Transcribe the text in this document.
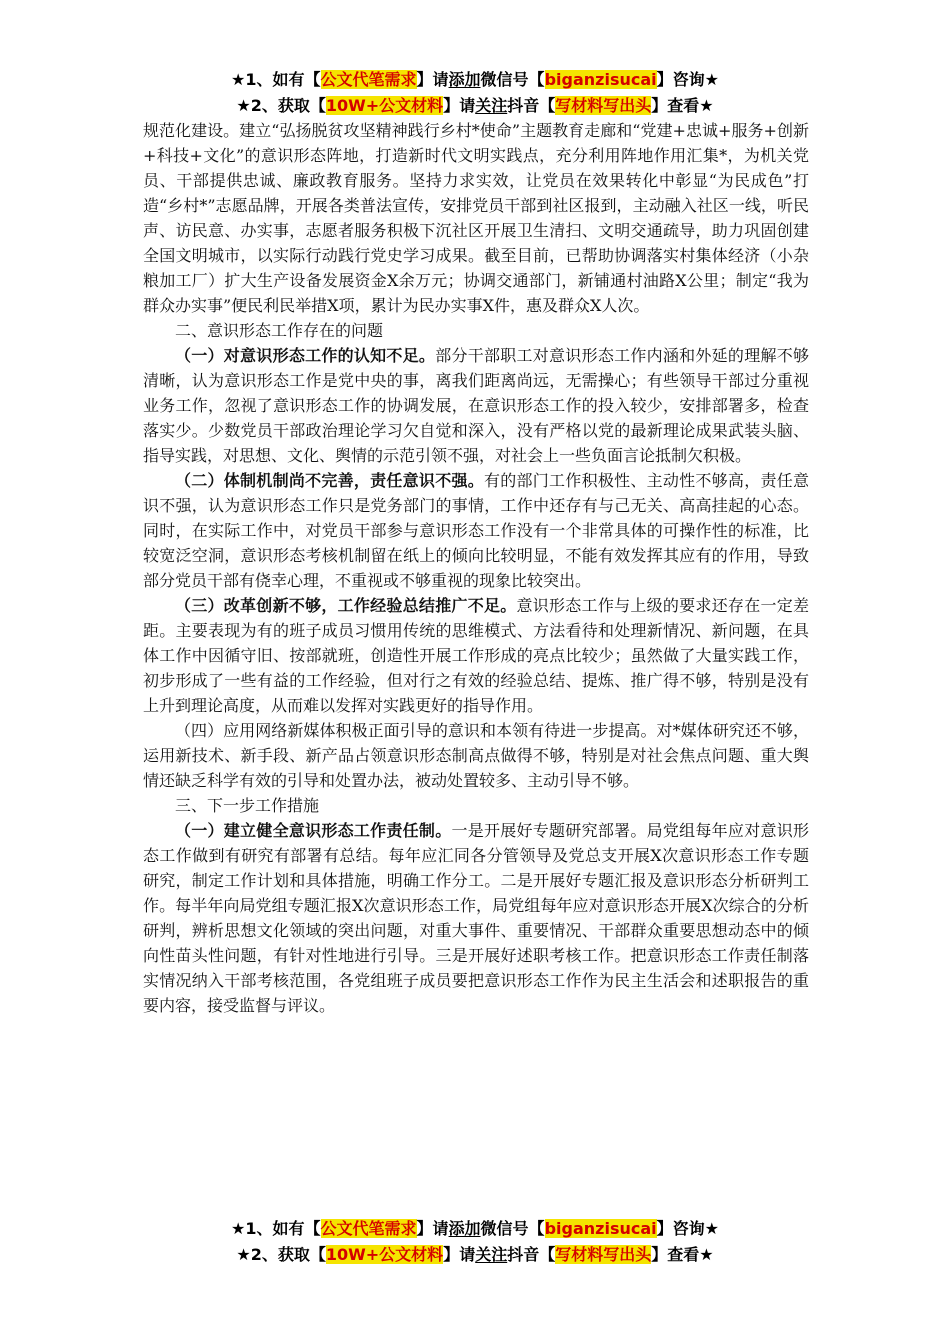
★1、如有【公文代笔需求】请添加微信号【biganzisucai】咨询★
★2、获取【10W+公文材料】请关注抖音【写材料写出头】查看★

规范化建设。建立“弘扬脱贫攻坚精神践行乡村*使命”主题教育走廊和“党建+忠诚+服务+创新+科技+文化”的意识形态阵地，打造新时代文明实践点，充分利用阵地作用汇集*，为机关党员、干部提供忠诚、廉政教育服务。坚持力求实效，让党员在效果转化中彰显“为民成色”打造“乡村*”志愿品牌，开展各类普法宣传，安排党员干部到社区报到，主动融入社区一线，听民声、访民意、办实事，志愿者服务积极下沉社区开展卫生清扫、文明交通疏导，助力巩固创建全国文明城市，以实际行动践行党史学习成果。截至目前，已帮助协调落实村集体经济（小杂粮加工厂）扩大生产设备发展资金X余万元；协调交通部门，新铺通村油路X公里；制定“我为群众办实事”便民利民举措X项，累计为民办实事X件，惠及群众X人次。

二、意识形态工作存在的问题

（一）对意识形态工作的认知不足。部分干部职工对意识形态工作内涵和外延的理解不够清晰，认为意识形态工作是党中央的事，离我们距离尚远，无需操心；有些领导干部过分重视业务工作，忽视了意识形态工作的协调发展，在意识形态工作的投入较少，安排部署多，检查落实少。少数党员干部政治理论学习欠自觉和深入，没有严格以党的最新理论成果武装头脑、指导实践，对思想、文化、舆情的示范引领不强，对社会上一些负面言论抵制欠积极。

（二）体制机制尚不完善，责任意识不强。有的部门工作积极性、主动性不够高，责任意识不强，认为意识形态工作只是党务部门的事情，工作中还存有与己无关、高高挂起的心态。同时，在实际工作中，对党员干部参与意识形态工作没有一个非常具体的可操作性的标准，比较宽泛空洞，意识形态考核机制留在纸上的倾向比较明显，不能有效发挥其应有的作用，导致部分党员干部有侥幸心理，不重视或不够重视的现象比较突出。

（三）改革创新不够，工作经验总结推广不足。意识形态工作与上级的要求还存在一定差距。主要表现为有的班子成员习惯用传统的思维模式、方法看待和处理新情况、新问题，在具体工作中因循守旧、按部就班，创造性开展工作形成的亮点比较少；虽然做了大量实践工作，初步形成了一些有益的工作经验，但对行之有效的经验总结、提炼、推广得不够，特别是没有上升到理论高度，从而难以发挥对实践更好的指导作用。

（四）应用网络新媒体积极正面引导的意识和本领有待进一步提高。对*媒体研究还不够，运用新技术、新手段、新产品占领意识形态制高点做得不够，特别是对社会焦点问题、重大舆情还缺乏科学有效的引导和处置办法，被动处置较多、主动引导不够。

三、下一步工作措施

（一）建立健全意识形态工作责任制。一是开展好专题研究部署。局党组每年应对意识形态工作做到有研究有部署有总结。每年应汇同各分管领导及党总支开展X次意识形态工作专题研究，制定工作计划和具体措施，明确工作分工。二是开展好专题汇报及意识形态分析研判工作。每半年向局党组专题汇报X次意识形态工作，局党组每年应对意识形态开展X次综合的分析研判，辨析思想文化领域的突出问题，对重大事件、重要情况、干部群众重要思想动态中的倾向性苗头性问题，有针对性地进行引导。三是开展好述职考核工作。把意识形态工作责任制落实情况纳入干部考核范围，各党组班子成员要把意识形态工作作为民主生活会和述职报告的重要内容，接受监督与评议。

★1、如有【公文代笔需求】请添加微信号【biganzisucai】咨询★
★2、获取【10W+公文材料】请关注抖音【写材料写出头】查看★
